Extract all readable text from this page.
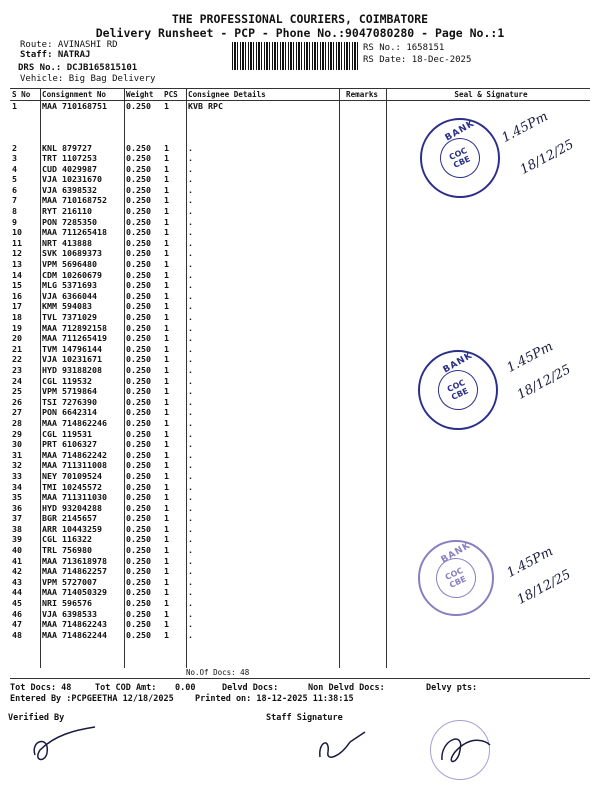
THE PROFESSIONAL COURIERS, COIMBATORE
Delivery Runsheet - PCP - Phone No.:9047080280 - Page No.:1
Route: AVINASHI RD
Staff: NATRAJ
DRS No.: DCJB165815101
Vehicle: Big Bag Delivery
RS No.: 1658151
RS Date: 18-Dec-2025
S No	Consignment No	Weight	PCS	Consignee Details	Remarks	Seal & Signature
1	MAA 710168751	0.250	1	KVB RPC		
2	KNL 879727	0.250	1	.		
3	TRT 1107253	0.250	1	.		
4	CUD 4029987	0.250	1	.		
5	VJA 10231670	0.250	1	.		
6	VJA 6398532	0.250	1	.		
7	MAA 710168752	0.250	1	.		
8	RYT 216110	0.250	1	.		
9	PON 7285350	0.250	1	.		
10	MAA 711265418	0.250	1	.		
11	NRT 413888	0.250	1	.		
12	SVK 10689373	0.250	1	.		
13	VPM 5696480	0.250	1	.		
14	CDM 10260679	0.250	1	.		
15	MLG 5371693	0.250	1	.		
16	VJA 6366044	0.250	1	.		
17	KMM 594083	0.250	1	.		
18	TVL 7371029	0.250	1	.		
19	MAA 712892158	0.250	1	.		
20	MAA 711265419	0.250	1	.		
21	TVM 14796144	0.250	1	.		
22	VJA 10231671	0.250	1	.		
23	HYD 93188208	0.250	1	.		
24	CGL 119532	0.250	1	.		
25	VPM 5719864	0.250	1	.		
26	TSI 7276390	0.250	1	.		
27	PON 6642314	0.250	1	.		
28	MAA 714862246	0.250	1	.		
29	CGL 119531	0.250	1	.		
30	PRT 6106327	0.250	1	.		
31	MAA 714862242	0.250	1	.		
32	MAA 711311008	0.250	1	.		
33	NEY 70109524	0.250	1	.		
34	TMI 10245572	0.250	1	.		
35	MAA 711311030	0.250	1	.		
36	HYD 93204288	0.250	1	.		
37	BGR 2145657	0.250	1	.		
38	ARR 10443259	0.250	1	.		
39	CGL 116322	0.250	1	.		
40	TRL 756980	0.250	1	.		
41	MAA 713618978	0.250	1	.		
42	MAA 714862257	0.250	1	.		
43	VPM 5727007	0.250	1	.		
44	MAA 714050329	0.250	1	.		
45	NRI 596576	0.250	1	.		
46	VJA 6398533	0.250	1	.		
47	MAA 714862243	0.250	1	.		
48	MAA 714862244	0.250	1	.		
No.Of Docs: 48
BANK
COC CBE
1.45Pm
18/12/25
BANK
COC CBE
1.45Pm
18/12/25
BANK
COC CBE
1.45Pm
18/12/25
Tot Docs: 48	Tot COD Amt: 0.00	Delvd Docs:	Non Delvd Docs:	Delvy pts:
Entered By :PCPGEETHA 12/18/2025 Printed on: 18-12-2025 11:38:15
Verified By	Staff Signature
